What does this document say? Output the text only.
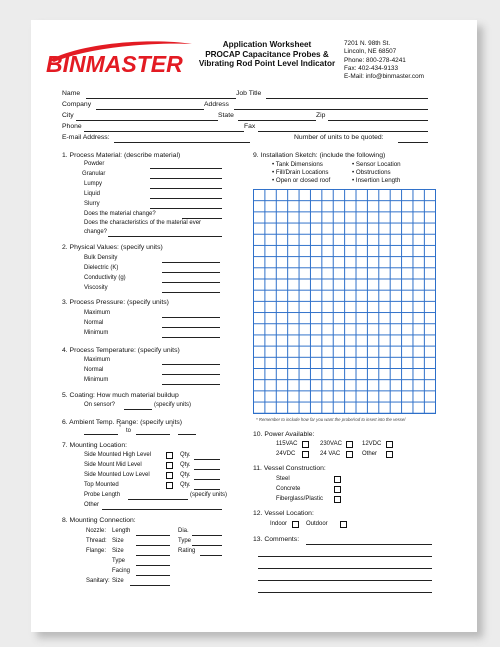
BINMASTER
Application Worksheet
PROCAP Capacitance Probes &
Vibrating Rod Point Level Indicator
7201 N. 98th St.
Lincoln, NE 68507
Phone: 800-278-4241
Fax: 402-434-9133
E-Mail: info@binmaster.com
Name	Job Title
Company	Address
City	State	Zip
Phone	Fax
E-mail Address:	Number of units to be quoted:
1. Process Material: (describe material)
Powder
Granular
Lumpy
Liquid
Slurry
Does the material change?
Does the characteristics of the material ever
change?
2. Physical Values: (specify units)
Bulk Density
Dielectric (K)
Conductivity (g)
Viscosity
3. Process Pressure: (specify units)
Maximum
Normal
Minimum
4. Process Temperature: (specify units)
Maximum
Normal
Minimum
5. Coating: How much material buildup
On sensor?	(specify units)
6. Ambient Temp. Range: (specify units)
° to	°
7. Mounting Location:
Side Mounted High Level	Qty.
Side Mount Mid Level	Qty.
Side Mounted Low Level	Qty.
Top Mounted	Qty.
Probe Length	(specify units)
Other
8. Mounting Connection:
Nozzle: Length	Dia.
Thread: Size	Type
Flange: Size	Rating
Type
Facing
Sanitary: Size
9. Installation Sketch: (include the following)
• Tank Dimensions
• Fill/Drain Locations
• Open or closed roof
• Sensor Location
• Obstructions
• Insertion Length
* Remember to include how far you want the probe/rod to insert into the vessel
10. Power Available:
115VAC	230VAC	12VDC
24VDC	24 VAC	Other
11. Vessel Construction:
Steel
Concrete
Fiberglass/Plastic
12. Vessel Location:
Indoor	Outdoor
13. Comments:
